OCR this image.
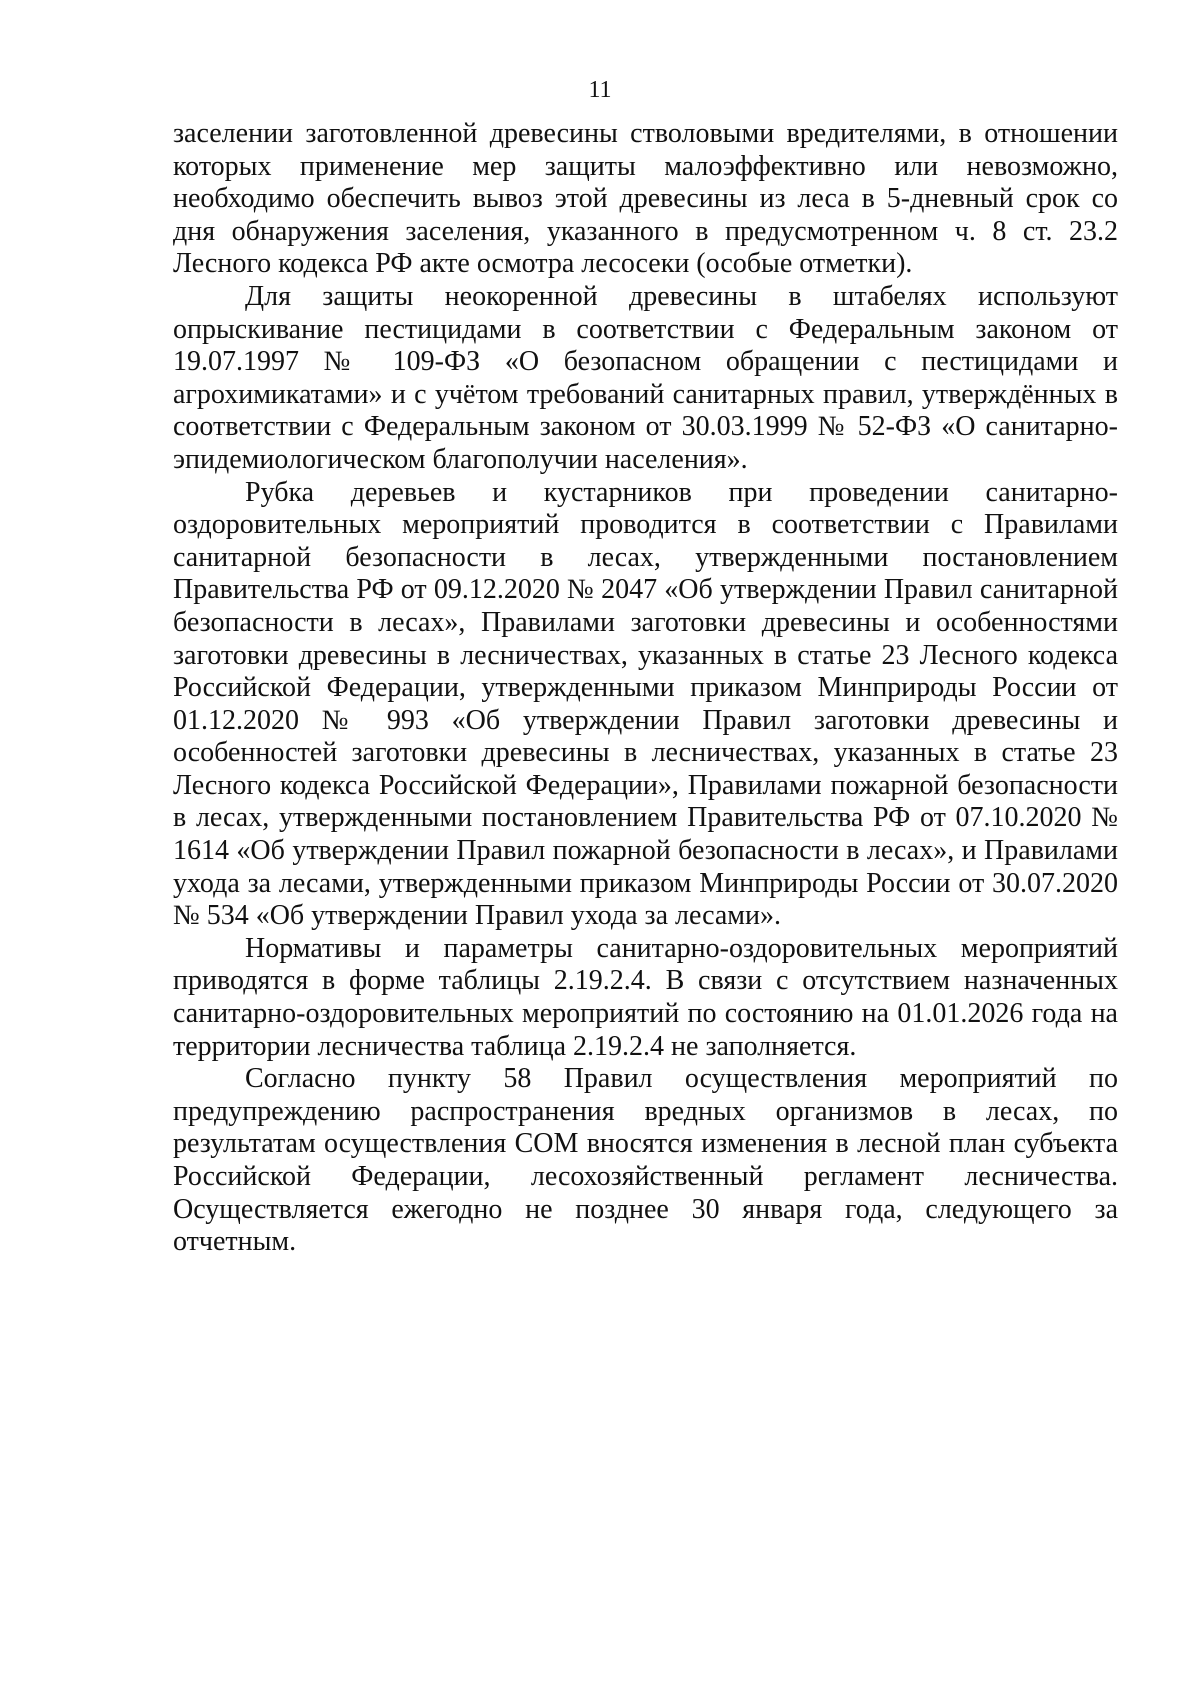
11

заселении заготовленной древесины стволовыми вредителями, в отношении которых применение мер защиты малоэффективно или невозможно, необходимо обеспечить вывоз этой древесины из леса в 5-дневный срок со дня обнаружения заселения, указанного в предусмотренном ч. 8 ст. 23.2 Лесного кодекса РФ акте осмотра лесосеки (особые отметки).

Для защиты неокоренной древесины в штабелях используют опрыскивание пестицидами в соответствии с Федеральным законом от 19.07.1997 № 109-ФЗ «О безопасном обращении с пестицидами и агрохимикатами» и с учётом требований санитарных правил, утверждённых в соответствии с Федеральным законом от 30.03.1999 № 52-ФЗ «О санитарно-эпидемиологическом благополучии населения».

Рубка деревьев и кустарников при проведении санитарно-оздоровительных мероприятий проводится в соответствии с Правилами санитарной безопасности в лесах, утвержденными постановлением Правительства РФ от 09.12.2020 № 2047 «Об утверждении Правил санитарной безопасности в лесах», Правилами заготовки древесины и особенностями заготовки древесины в лесничествах, указанных в статье 23 Лесного кодекса Российской Федерации, утвержденными приказом Минприроды России от 01.12.2020 № 993 «Об утверждении Правил заготовки древесины и особенностей заготовки древесины в лесничествах, указанных в статье 23 Лесного кодекса Российской Федерации», Правилами пожарной безопасности в лесах, утвержденными постановлением Правительства РФ от 07.10.2020 № 1614 «Об утверждении Правил пожарной безопасности в лесах», и Правилами ухода за лесами, утвержденными приказом Минприроды России от 30.07.2020 № 534 «Об утверждении Правил ухода за лесами».

Нормативы и параметры санитарно-оздоровительных мероприятий приводятся в форме таблицы 2.19.2.4. В связи с отсутствием назначенных санитарно-оздоровительных мероприятий по состоянию на 01.01.2026 года на территории лесничества таблица 2.19.2.4 не заполняется.

Согласно пункту 58 Правил осуществления мероприятий по предупреждению распространения вредных организмов в лесах, по результатам осуществления СОМ вносятся изменения в лесной план субъекта Российской Федерации, лесохозяйственный регламент лесничества. Осуществляется ежегодно не позднее 30 января года, следующего за отчетным.
